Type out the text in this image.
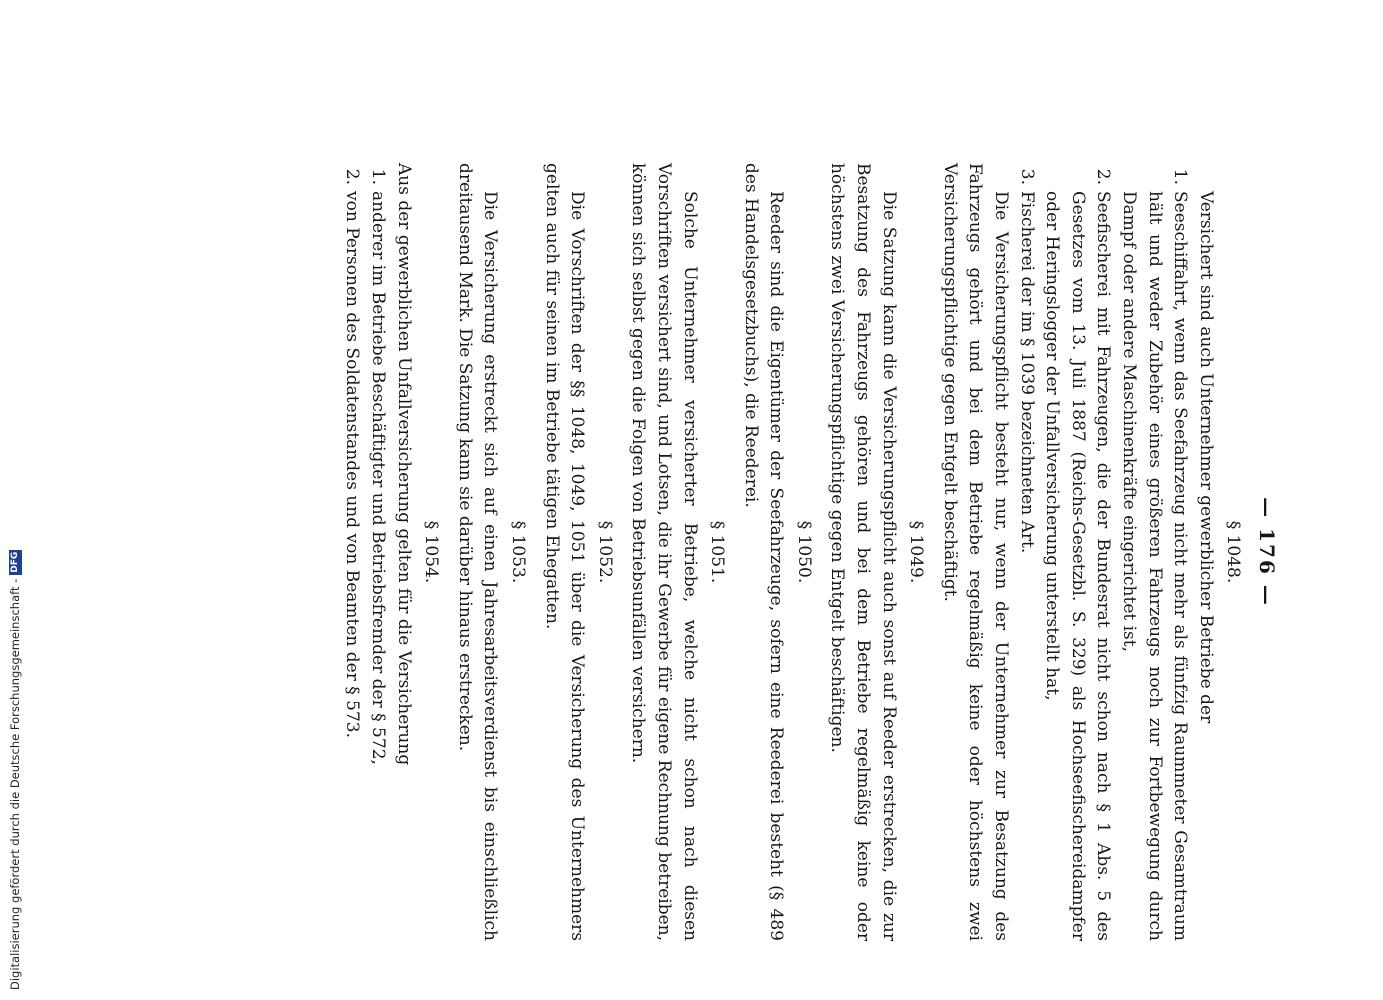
— 176 —
§ 1048.

Versichert sind auch Unternehmer gewerblicher Betriebe der

1.
Seeschiffahrt, wenn das Seefahrzeug nicht mehr als fünfzig Raummeter Gesamtraum hält und weder Zubehör eines größeren Fahrzeugs noch zur Fortbewegung durch Dampf oder andere Maschinenkräfte eingerichtet ist,
2.
Seefischerei mit Fahrzeugen, die der Bundesrat nicht schon nach § 1 Abs. 5 des Gesetzes vom 13. Juli 1887 (Reichs-Gesetzbl. S. 329) als Hochseefischereidampfer oder Heringslogger der Unfallversicherung unterstellt hat,
3.
Fischerei der im § 1039 bezeichneten Art.

Die Versicherungspflicht besteht nur, wenn der Unternehmer zur Besatzung des Fahrzeugs gehört und bei dem Betriebe regelmäßig keine oder höchstens zwei Versicherungspflichtige gegen Entgelt beschäftigt.

§ 1049.

Die Satzung kann die Versicherungspflicht auch sonst auf Reeder erstrecken, die zur Besatzung des Fahrzeugs gehören und bei dem Betriebe regelmäßig keine oder höchstens zwei Versicherungspflichtige gegen Entgelt beschäftigen.

§ 1050.

Reeder sind die Eigentümer der Seefahrzeuge, sofern eine Reederei besteht (§ 489 des Handelsgesetzbuchs), die Reederei.

§ 1051.

Solche Unternehmer versicherter Betriebe, welche nicht schon nach diesen Vorschriften versichert sind, und Lotsen, die ihr Gewerbe für eigene Rechnung betreiben, können sich selbst gegen die Folgen von Betriebsunfällen versichern.

§ 1052.

Die Vorschriften der §§ 1048, 1049, 1051 über die Versicherung des Unternehmers gelten auch für seinen im Betriebe tätigen Ehegatten.

§ 1053.

Die Versicherung erstreckt sich auf einen Jahresarbeitsverdienst bis einschließlich dreitausend Mark. Die Satzung kann sie darüber hinaus erstrecken.

§ 1054.

Aus der gewerblichen Unfallversicherung gelten für die Versicherung

1.
anderer im Betriebe Beschäftigter und Betriebsfremder der § 572,
2.
von Personen des Soldatenstandes und von Beamten der § 573.
Digitalisierung gefördert durch die Deutsche Forschungsgemeinschaft -
DFG
